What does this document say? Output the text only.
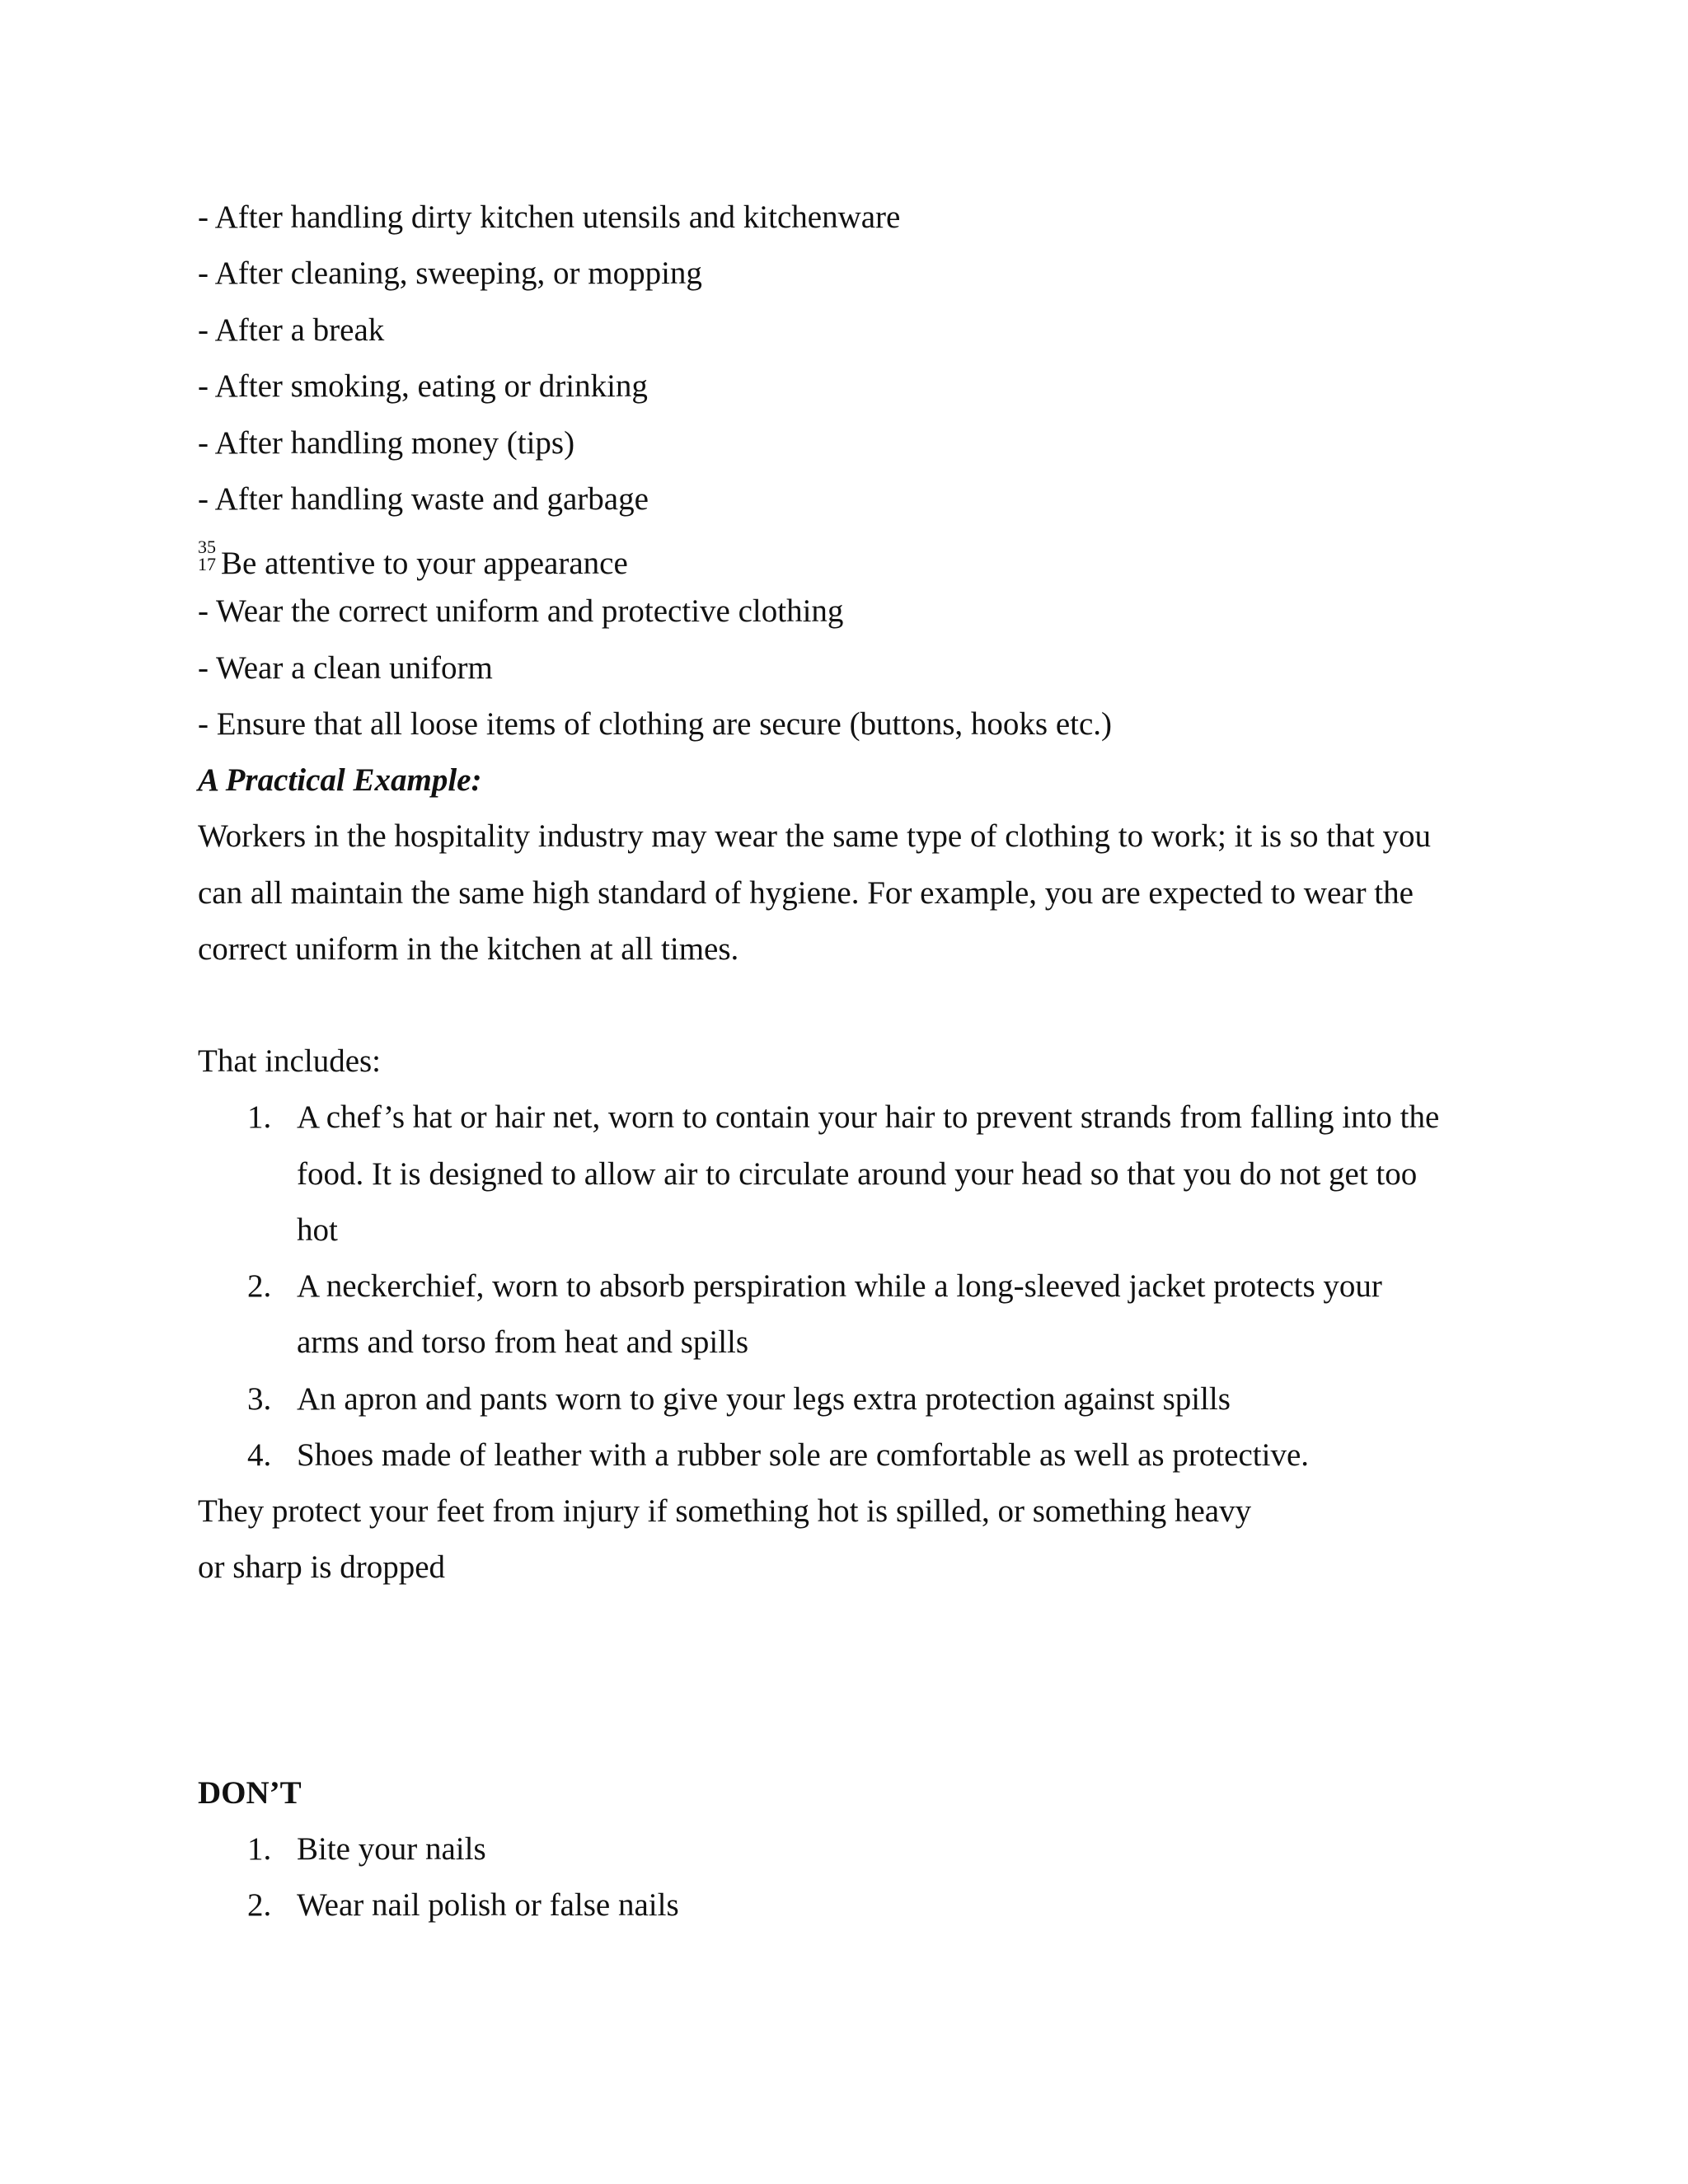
- After handling dirty kitchen utensils and kitchenware
- After cleaning, sweeping, or mopping
- After a break
- After smoking, eating or drinking
- After handling money (tips)
- After handling waste and garbage
35
17 Be attentive to your appearance
- Wear the correct uniform and protective clothing
- Wear a clean uniform
- Ensure that all loose items of clothing are secure (buttons, hooks etc.)
A Practical Example:
Workers in the hospitality industry may wear the same type of clothing to work; it is so that you
can all maintain the same high standard of hygiene. For example, you are expected to wear the
correct uniform in the kitchen at all times.
That includes:
1. A chef’s hat or hair net, worn to contain your hair to prevent strands from falling into the
food. It is designed to allow air to circulate around your head so that you do not get too
hot
2. A neckerchief, worn to absorb perspiration while a long-sleeved jacket protects your
arms and torso from heat and spills
3. An apron and pants worn to give your legs extra protection against spills
4. Shoes made of leather with a rubber sole are comfortable as well as protective.
They protect your feet from injury if something hot is spilled, or something heavy
or sharp is dropped
DON’T
1. Bite your nails
2. Wear nail polish or false nails
